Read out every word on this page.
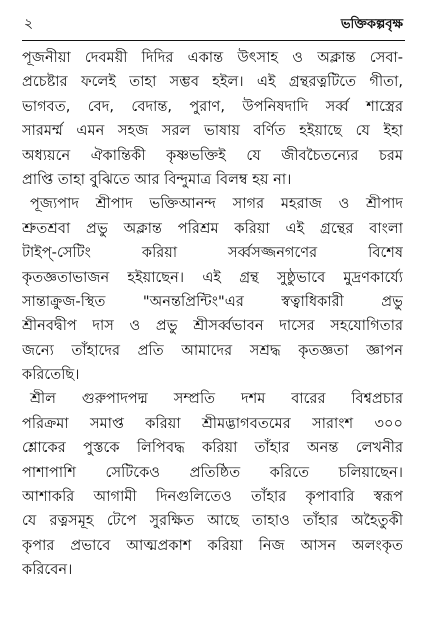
২	ভক্তিকল্পবৃক্ষ
পূজনীয়া দেবময়ী দিদির একান্ত উৎসাহ ও অক্লান্ত সেবা-
প্রচেষ্টার ফলেই তাহা সম্ভব হইল। এই গ্রন্থরত্নটিতে গীতা,
ভাগবত, বেদ, বেদান্ত, পুরাণ, উপনিষদাদি সর্ব্ব শাস্ত্রের
সারমর্ম্ম এমন সহজ সরল ভাষায় বর্ণিত হইয়াছে যে ইহা
অধ্যয়নে ঐকান্তিকী কৃষ্ণভক্তিই যে জীবচৈতন্যের চরম
প্রাপ্তি তাহা বুঝিতে আর বিন্দুমাত্র বিলম্ব হয় না।
পূজ্যপাদ শ্রীপাদ ভক্তিআনন্দ সাগর মহরাজ ও শ্রীপাদ
শ্রুতশ্রবা প্রভু অক্লান্ত পরিশ্রম করিয়া এই গ্রন্থের বাংলা
টাইপ্-সেটিং করিয়া সর্ব্বসজ্জনগণের বিশেষ
কৃতজ্ঞতাভাজন হইয়াছেন। এই গ্রন্থ সুষ্ঠুভাবে মুদ্রণকার্য্যে
সান্তাক্রুজ-স্থিত "অনন্তপ্রিন্টিং"এর স্বত্বাধিকারী প্রভু
শ্রীনবদ্বীপ দাস ও প্রভু শ্রীসর্ব্বভাবন দাসের সহযোগিতার
জন্যে তাঁহাদের প্রতি আমাদের সশ্রদ্ধ কৃতজ্ঞতা জ্ঞাপন
করিতেছি।
শ্রীল গুরুপাদপদ্ম সম্প্রতি দশম বারের বিশ্বপ্রচার
পরিক্রমা সমাপ্ত করিয়া শ্রীমদ্ভাগবতমের সারাংশ ৩০০
শ্লোকের পুস্তকে লিপিবদ্ধ করিয়া তাঁহার অনন্ত লেখনীর
পাশাপাশি সেটিকেও প্রতিষ্ঠিত করিতে চলিয়াছেন।
আশাকরি আগামী দিনগুলিতেও তাঁহার কৃপাবারি স্বরূপ
যে রত্নসমূহ টেপে সুরক্ষিত আছে তাহাও তাঁহার অহৈতুকী
কৃপার প্রভাবে আত্মপ্রকাশ করিয়া নিজ আসন অলংকৃত
করিবেন।
